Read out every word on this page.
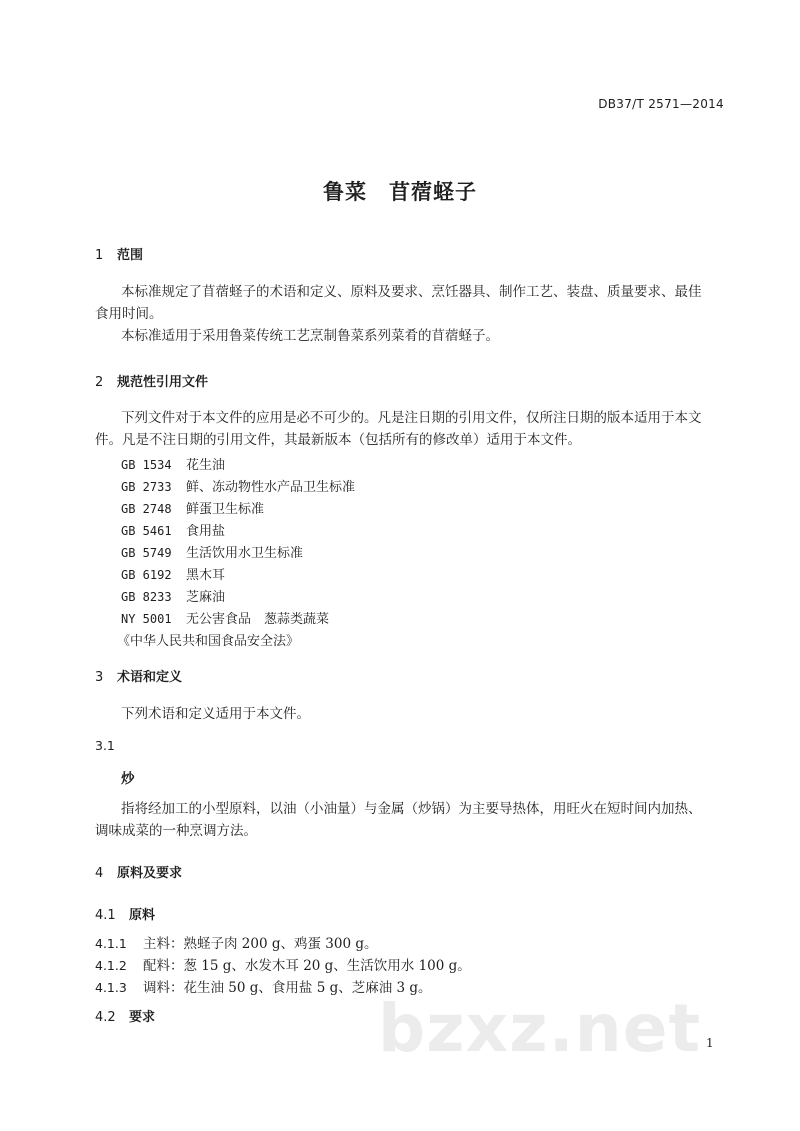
DB37/T 2571—2014
鲁菜　苜蓿蛏子
1 范围
本标准规定了苜蓿蛏子的术语和定义、原料及要求、烹饪器具、制作工艺、装盘、质量要求、最佳
食用时间。
本标准适用于采用鲁菜传统工艺烹制鲁菜系列菜肴的苜蓿蛏子。
2 规范性引用文件
下列文件对于本文件的应用是必不可少的。凡是注日期的引用文件，仅所注日期的版本适用于本文
件。凡是不注日期的引用文件，其最新版本（包括所有的修改单）适用于本文件。
GB 1534 花生油
GB 2733 鲜、冻动物性水产品卫生标准
GB 2748 鲜蛋卫生标准
GB 5461 食用盐
GB 5749 生活饮用水卫生标准
GB 6192 黑木耳
GB 8233 芝麻油
NY 5001 无公害食品　葱蒜类蔬菜
《中华人民共和国食品安全法》
3 术语和定义
下列术语和定义适用于本文件。
3.1
炒
指将经加工的小型原料，以油（小油量）与金属（炒锅）为主要导热体，用旺火在短时间内加热、
调味成菜的一种烹调方法。
4 原料及要求
4.1 原料
4.1.1 主料：熟蛏子肉 200 g、鸡蛋 300 g。
4.1.2 配料：葱 15 g、水发木耳 20 g、生活饮用水 100 g。
4.1.3 调料：花生油 50 g、食用盐 5 g、芝麻油 3 g。
4.2 要求	bzxz.net 1
